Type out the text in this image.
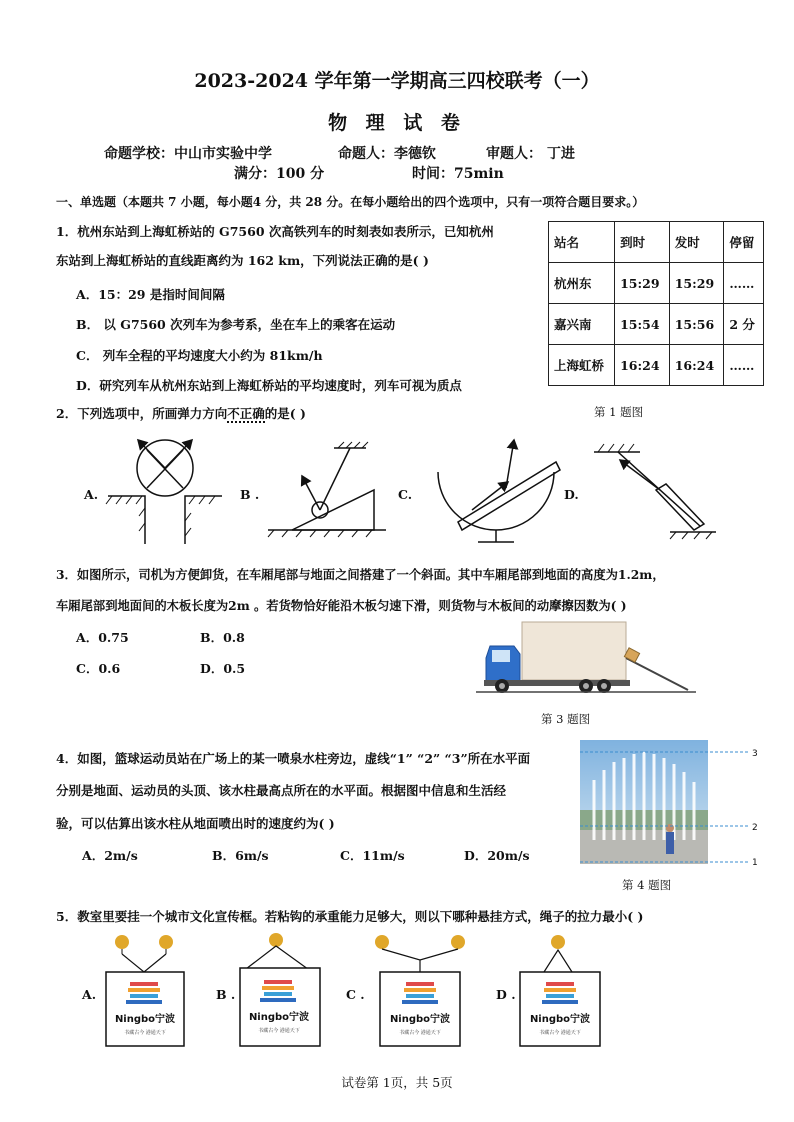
2023-2024 学年第一学期高三四校联考（一）
物 理 试 卷
命题学校：中山市实验中学	命题人：李德钦	审题人： 丁进
满分：100 分	时间：75min
一、单选题（本题共 7 小题，每小题4 分，共 28 分。在每小题给出的四个选项中，只有一项符合题目要求。）
1．杭州东站到上海虹桥站的 G7560 次高铁列车的时刻表如表所示，已知杭州
东站到上海虹桥站的直线距离约为 162 km，下列说法正确的是( )
A．15：29 是指时间间隔
B． 以 G7560 次列车为参考系，坐在车上的乘客在运动
C． 列车全程的平均速度大小约为 81km/h
D．研究列车从杭州东站到上海虹桥站的平均速度时，列车可视为质点
站名	到时	发时	停留
杭州东	15:29	15:29	……
嘉兴南	15:54	15:56	2 分
上海虹桥	16:24	16:24	……
第 1 题图
2．下列选项中，所画弹力方向不正确的是( )
A.	B .	C.	D.
3．如图所示，司机为方便卸货，在车厢尾部与地面之间搭建了一个斜面。其中车厢尾部到地面的高度为1.2m，
车厢尾部到地面间的木板长度为2m 。若货物恰好能沿木板匀速下滑，则货物与木板间的动摩擦因数为( )
A．0.75	B．0.8
C．0.6	D．0.5
第 3 题图
4．如图，篮球运动员站在广场上的某一喷泉水柱旁边，虚线“1” “2” “3”所在水平面
分别是地面、运动员的头顶、该水柱最高点所在的水平面。根据图中信息和生活经
验，可以估算出该水柱从地面喷出时的速度约为( )
A．2m/s	B．6m/s	C．11m/s	D．20m/s
3
2
1
第 4 题图
5．教室里要挂一个城市文化宣传框。若粘钩的承重能力足够大，则以下哪种悬挂方式，绳子的拉力最小( )
A.	B .	C .	D .
Ningbo宁波
书藏古今 港通天下
Ningbo宁波
书藏古今 港通天下
Ningbo宁波
书藏古今 港通天下
Ningbo宁波
书藏古今 港通天下
试卷第 1页，共 5页
